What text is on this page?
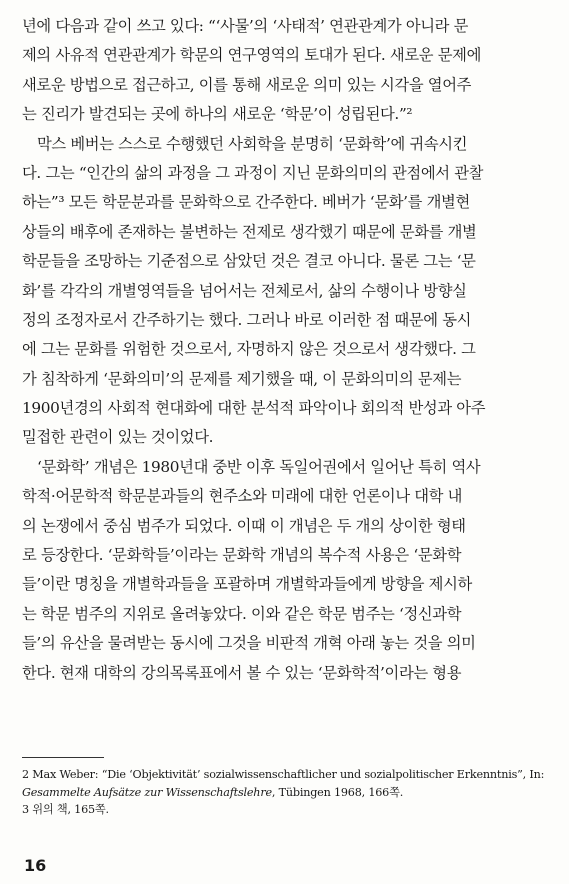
년에 다음과 같이 쓰고 있다: “‘사물’의 ‘사태적’ 연관관계가 아니라 문
제의 사유적 연관관계가 학문의 연구영역의 토대가 된다. 새로운 문제에
새로운 방법으로 접근하고, 이를 통해 새로운 의미 있는 시각을 열어주
는 진리가 발견되는 곳에 하나의 새로운 ‘학문’이 성립된다.”²
막스 베버는 스스로 수행했던 사회학을 분명히 ‘문화학’에 귀속시킨
다. 그는 “인간의 삶의 과정을 그 과정이 지닌 문화의미의 관점에서 관찰
하는”³ 모든 학문분과를 문화학으로 간주한다. 베버가 ‘문화’를 개별현
상들의 배후에 존재하는 불변하는 전제로 생각했기 때문에 문화를 개별
학문들을 조망하는 기준점으로 삼았던 것은 결코 아니다. 물론 그는 ‘문
화’를 각각의 개별영역들을 넘어서는 전체로서, 삶의 수행이나 방향실
정의 조정자로서 간주하기는 했다. 그러나 바로 이러한 점 때문에 동시
에 그는 문화를 위험한 것으로서, 자명하지 않은 것으로서 생각했다. 그
가 침착하게 ‘문화의미’의 문제를 제기했을 때, 이 문화의미의 문제는
1900년경의 사회적 현대화에 대한 분석적 파악이나 회의적 반성과 아주
밀접한 관련이 있는 것이었다.
‘문화학’ 개념은 1980년대 중반 이후 독일어권에서 일어난 특히 역사
학적·어문학적 학문분과들의 현주소와 미래에 대한 언론이나 대학 내
의 논쟁에서 중심 범주가 되었다. 이때 이 개념은 두 개의 상이한 형태
로 등장한다. ‘문화학들’이라는 문화학 개념의 복수적 사용은 ‘문화학
들’이란 명칭을 개별학과들을 포괄하며 개별학과들에게 방향을 제시하
는 학문 범주의 지위로 올려놓았다. 이와 같은 학문 범주는 ‘정신과학
들’의 유산을 물려받는 동시에 그것을 비판적 개혁 아래 놓는 것을 의미
한다. 현재 대학의 강의목록표에서 볼 수 있는 ‘문화학적’이라는 형용
2 Max Weber: “Die ‘Objektivität’ sozialwissenschaftlicher und sozialpolitischer Erkenntnis”, In:
Gesammelte Aufsätze zur Wissenschaftslehre, Tübingen 1968, 166쪽.
3 위의 책, 165쪽.
16
